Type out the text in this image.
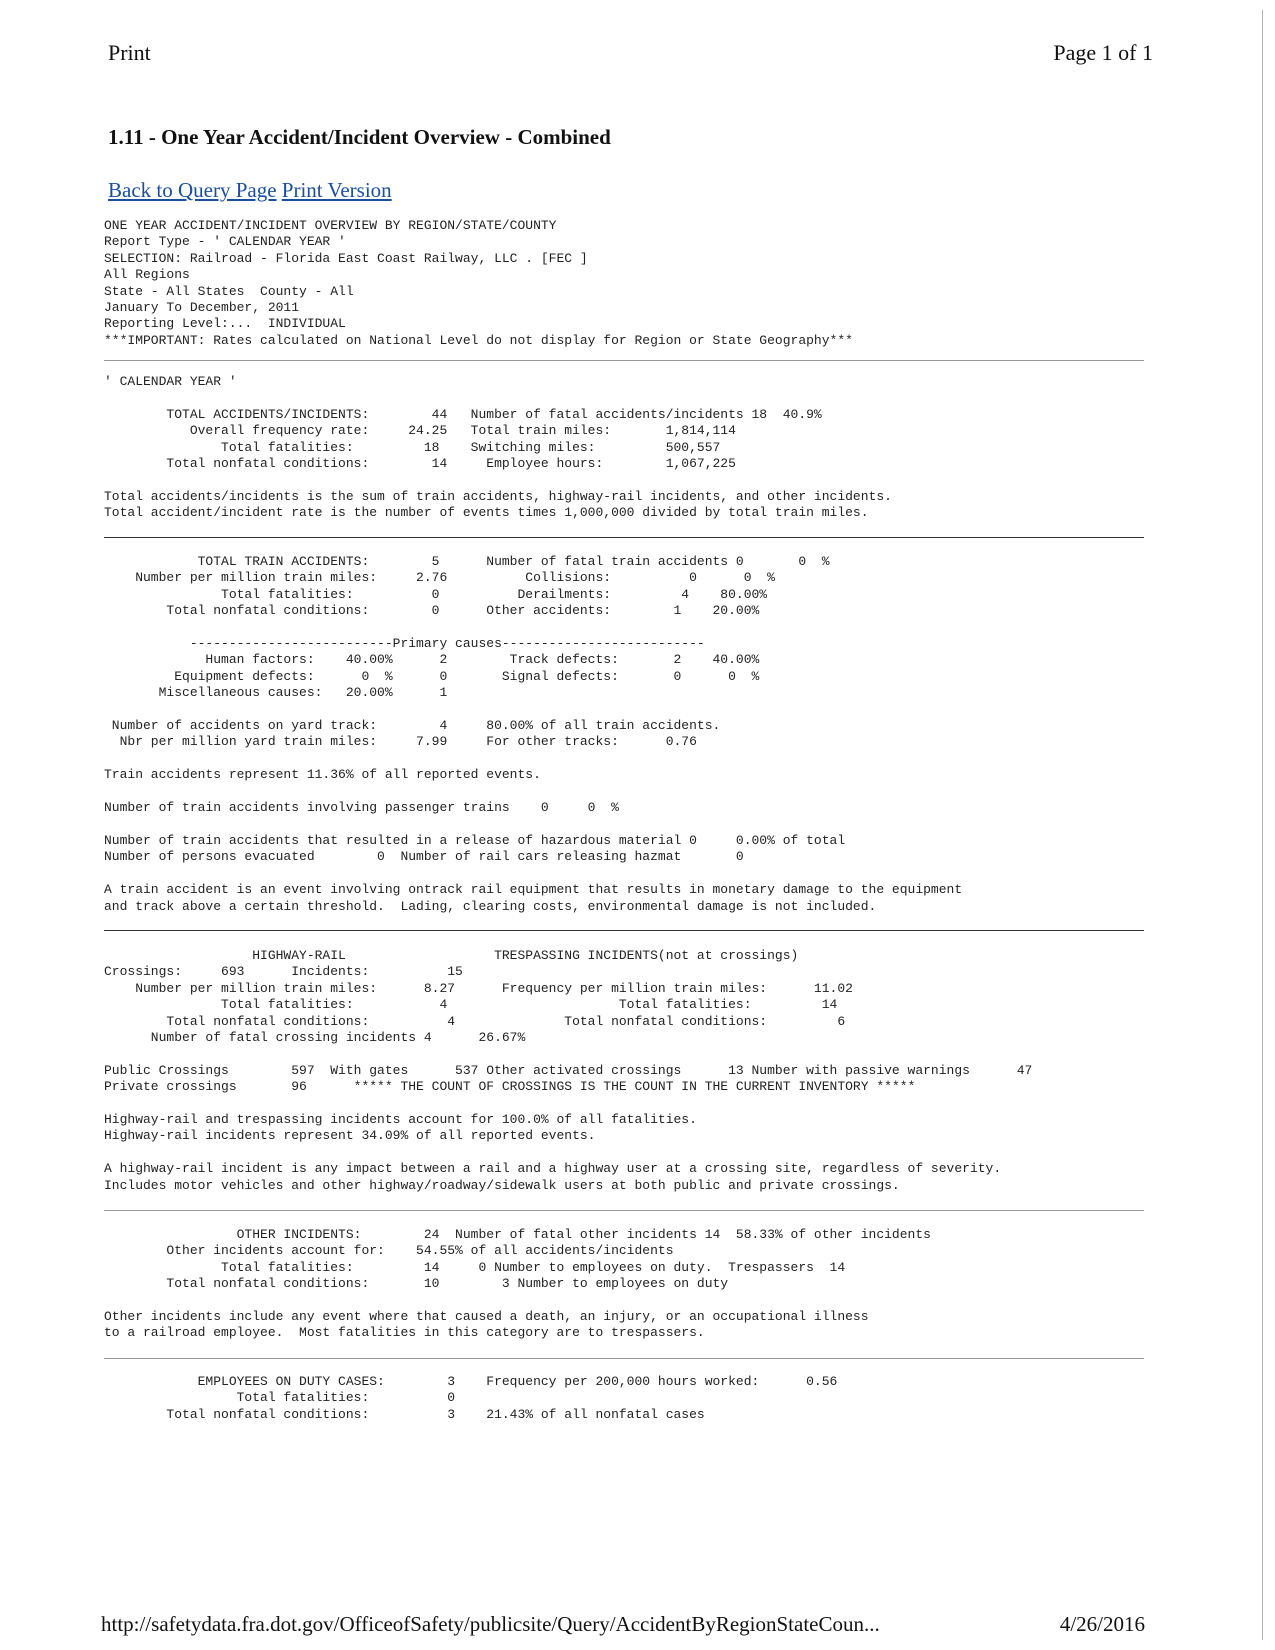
Print	Page 1 of 1
1.11 - One Year Accident/Incident Overview - Combined
Back to Query Page Print Version
ONE YEAR ACCIDENT/INCIDENT OVERVIEW BY REGION/STATE/COUNTY
Report Type - ' CALENDAR YEAR '
SELECTION: Railroad - Florida East Coast Railway, LLC . [FEC ]
All Regions
State - All States  County - All
January To December, 2011
Reporting Level:...  INDIVIDUAL
***IMPORTANT: Rates calculated on National Level do not display for Region or State Geography***
' CALENDAR YEAR '

TOTAL ACCIDENTS/INCIDENTS:        44   Number of fatal accidents/incidents 18  40.9%
Overall frequency rate:     24.25   Total train miles:       1,814,114
Total fatalities:         18    Switching miles:         500,557
Total nonfatal conditions:        14     Employee hours:        1,067,225

Total accidents/incidents is the sum of train accidents, highway-rail incidents, and other incidents.
Total accident/incident rate is the number of events times 1,000,000 divided by total train miles.
TOTAL TRAIN ACCIDENTS:        5      Number of fatal train accidents 0       0  %
Number per million train miles:     2.76          Collisions:          0      0  %
Total fatalities:          0          Derailments:         4    80.00%
Total nonfatal conditions:        0      Other accidents:        1    20.00%

--------------------------Primary causes--------------------------
Human factors:    40.00%      2        Track defects:       2    40.00%
Equipment defects:      0  %      0       Signal defects:       0      0  %
Miscellaneous causes:   20.00%      1

Number of accidents on yard track:        4     80.00% of all train accidents.
Nbr per million yard train miles:     7.99     For other tracks:      0.76

Train accidents represent 11.36% of all reported events.

Number of train accidents involving passenger trains    0     0  %

Number of train accidents that resulted in a release of hazardous material 0     0.00% of total
Number of persons evacuated        0  Number of rail cars releasing hazmat       0

A train accident is an event involving ontrack rail equipment that results in monetary damage to the equipment
and track above a certain threshold.  Lading, clearing costs, environmental damage is not included.
HIGHWAY-RAIL                   TRESPASSING INCIDENTS(not at crossings)
Crossings:     693      Incidents:          15
Number per million train miles:      8.27      Frequency per million train miles:      11.02
Total fatalities:           4                      Total fatalities:         14
Total nonfatal conditions:          4              Total nonfatal conditions:         6
Number of fatal crossing incidents 4      26.67%

Public Crossings        597  With gates      537 Other activated crossings      13 Number with passive warnings      47
Private crossings       96      ***** THE COUNT OF CROSSINGS IS THE COUNT IN THE CURRENT INVENTORY *****

Highway-rail and trespassing incidents account for 100.0% of all fatalities.
Highway-rail incidents represent 34.09% of all reported events.

A highway-rail incident is any impact between a rail and a highway user at a crossing site, regardless of severity.
Includes motor vehicles and other highway/roadway/sidewalk users at both public and private crossings.
OTHER INCIDENTS:        24  Number of fatal other incidents 14  58.33% of other incidents
Other incidents account for:    54.55% of all accidents/incidents
Total fatalities:         14     0 Number to employees on duty.  Trespassers  14
Total nonfatal conditions:       10        3 Number to employees on duty

Other incidents include any event where that caused a death, an injury, or an occupational illness
to a railroad employee.  Most fatalities in this category are to trespassers.
EMPLOYEES ON DUTY CASES:        3    Frequency per 200,000 hours worked:      0.56
Total fatalities:          0
Total nonfatal conditions:          3    21.43% of all nonfatal cases
http://safetydata.fra.dot.gov/OfficeofSafety/publicsite/Query/AccidentByRegionStateCoun...	4/26/2016
